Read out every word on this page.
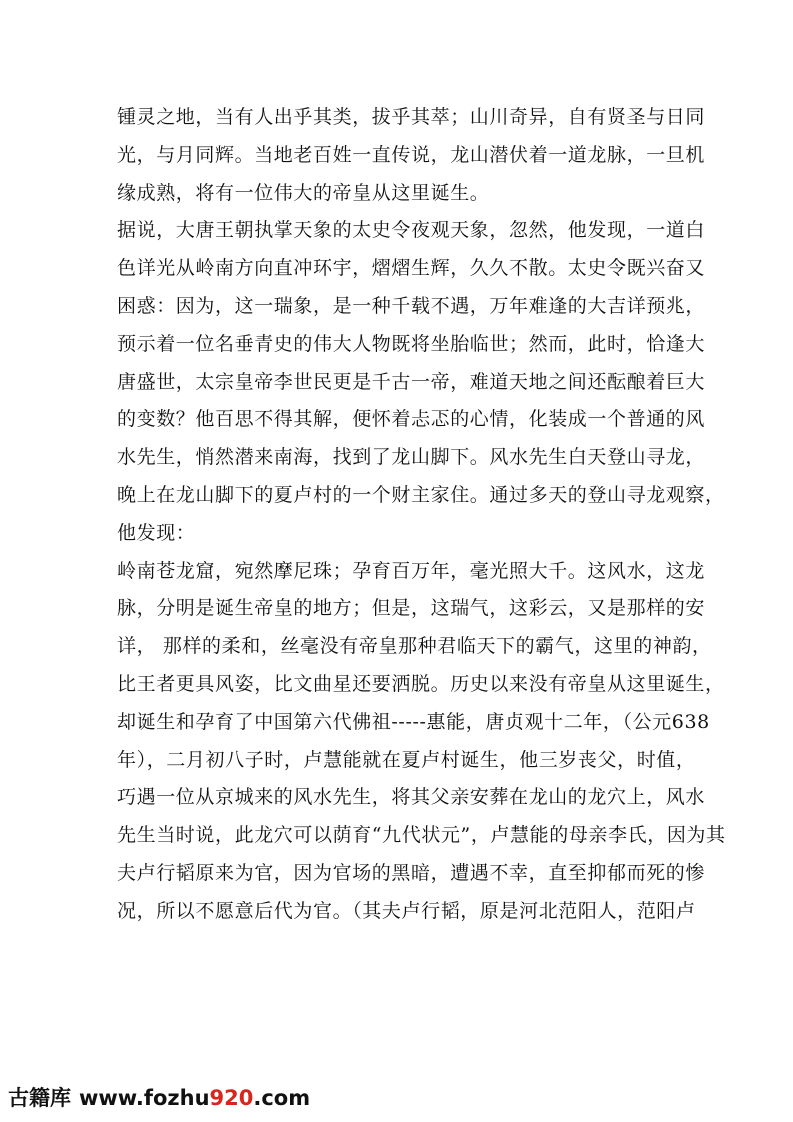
锺灵之地，当有人出乎其类，拔乎其萃；山川奇异，自有贤圣与日同
光，与月同辉。当地老百姓一直传说，龙山潜伏着一道龙脉，一旦机
缘成熟，将有一位伟大的帝皇从这里诞生。
据说，大唐王朝执掌天象的太史令夜观天象，忽然，他发现，一道白
色详光从岭南方向直冲环宇，熠熠生辉，久久不散。太史令既兴奋又
困惑：因为，这一瑞象，是一种千载不遇，万年难逢的大吉详预兆，
预示着一位名垂青史的伟大人物既将坐胎临世；然而，此时，恰逢大
唐盛世，太宗皇帝李世民更是千古一帝，难道天地之间还酝酿着巨大
的变数？他百思不得其解，便怀着忐忑的心情，化装成一个普通的风
水先生，悄然潜来南海，找到了龙山脚下。风水先生白天登山寻龙，
晚上在龙山脚下的夏卢村的一个财主家住。通过多天的登山寻龙观察，
他发现：
岭南苍龙窟，宛然摩尼珠；孕育百万年，毫光照大千。这风水，这龙
脉，分明是诞生帝皇的地方；但是，这瑞气，这彩云，又是那样的安
详， 那样的柔和，丝毫没有帝皇那种君临天下的霸气，这里的神韵，
比王者更具风姿，比文曲星还要洒脱。历史以来没有帝皇从这里诞生，
却诞生和孕育了中国第六代佛祖-----惠能，唐贞观十二年，（公元638
年），二月初八子时，卢慧能就在夏卢村诞生，他三岁丧父，时值，
巧遇一位从京城来的风水先生，将其父亲安葬在龙山的龙穴上，风水
先生当时说，此龙穴可以荫育“九代状元”，卢慧能的母亲李氏，因为其
夫卢行韬原来为官，因为官场的黑暗，遭遇不幸，直至抑郁而死的惨
况，所以不愿意后代为官。（其夫卢行韬，原是河北范阳人，范阳卢
古籍库 www.fozhu920.com
